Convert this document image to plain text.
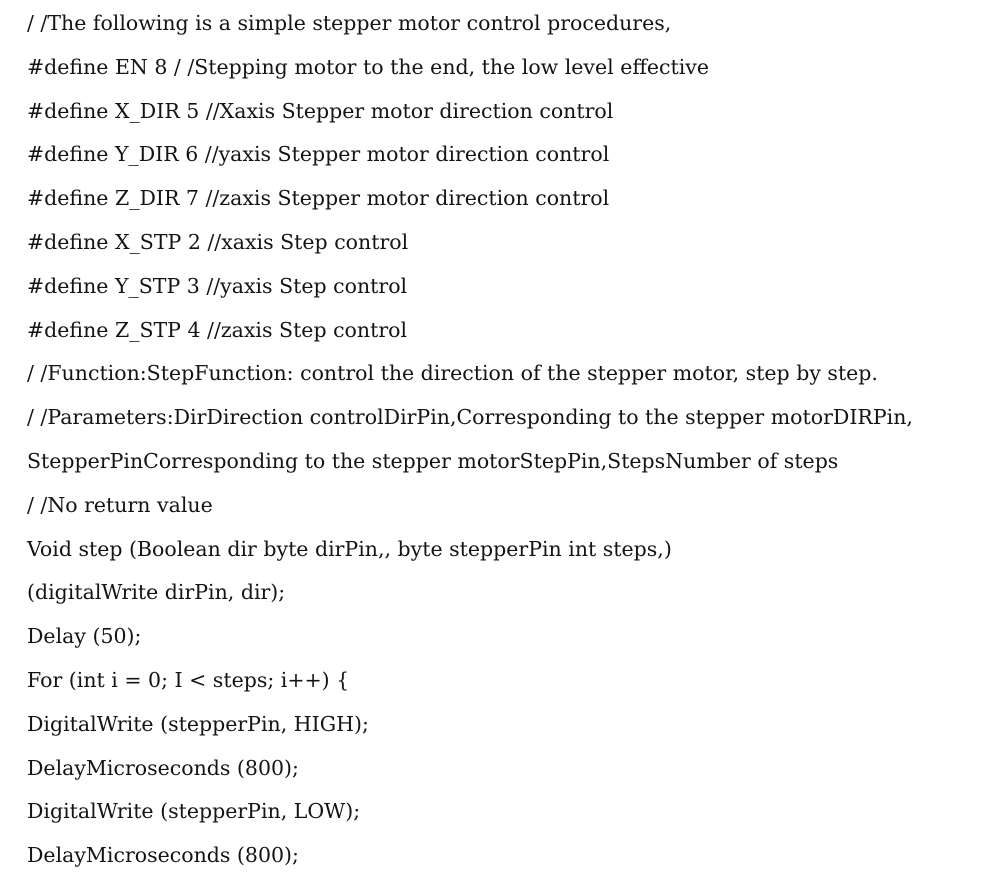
/ /The following is a simple stepper motor control procedures,
#define EN 8 / /Stepping motor to the end, the low level effective
#define X_DIR 5 //Xaxis Stepper motor direction control
#define Y_DIR 6 //yaxis Stepper motor direction control
#define Z_DIR 7 //zaxis Stepper motor direction control
#define X_STP 2 //xaxis Step control
#define Y_STP 3 //yaxis Step control
#define Z_STP 4 //zaxis Step control
/ /Function:StepFunction: control the direction of the stepper motor, step by step.
/ /Parameters:DirDirection controlDirPin,Corresponding to the stepper motorDIRPin,
StepperPinCorresponding to the stepper motorStepPin,StepsNumber of steps
/ /No return value
Void step (Boolean dir byte dirPin,, byte stepperPin int steps,)
(digitalWrite dirPin, dir);
Delay (50);
For (int i = 0; I < steps; i++) {
DigitalWrite (stepperPin, HIGH);
DelayMicroseconds (800);
DigitalWrite (stepperPin, LOW);
DelayMicroseconds (800);
